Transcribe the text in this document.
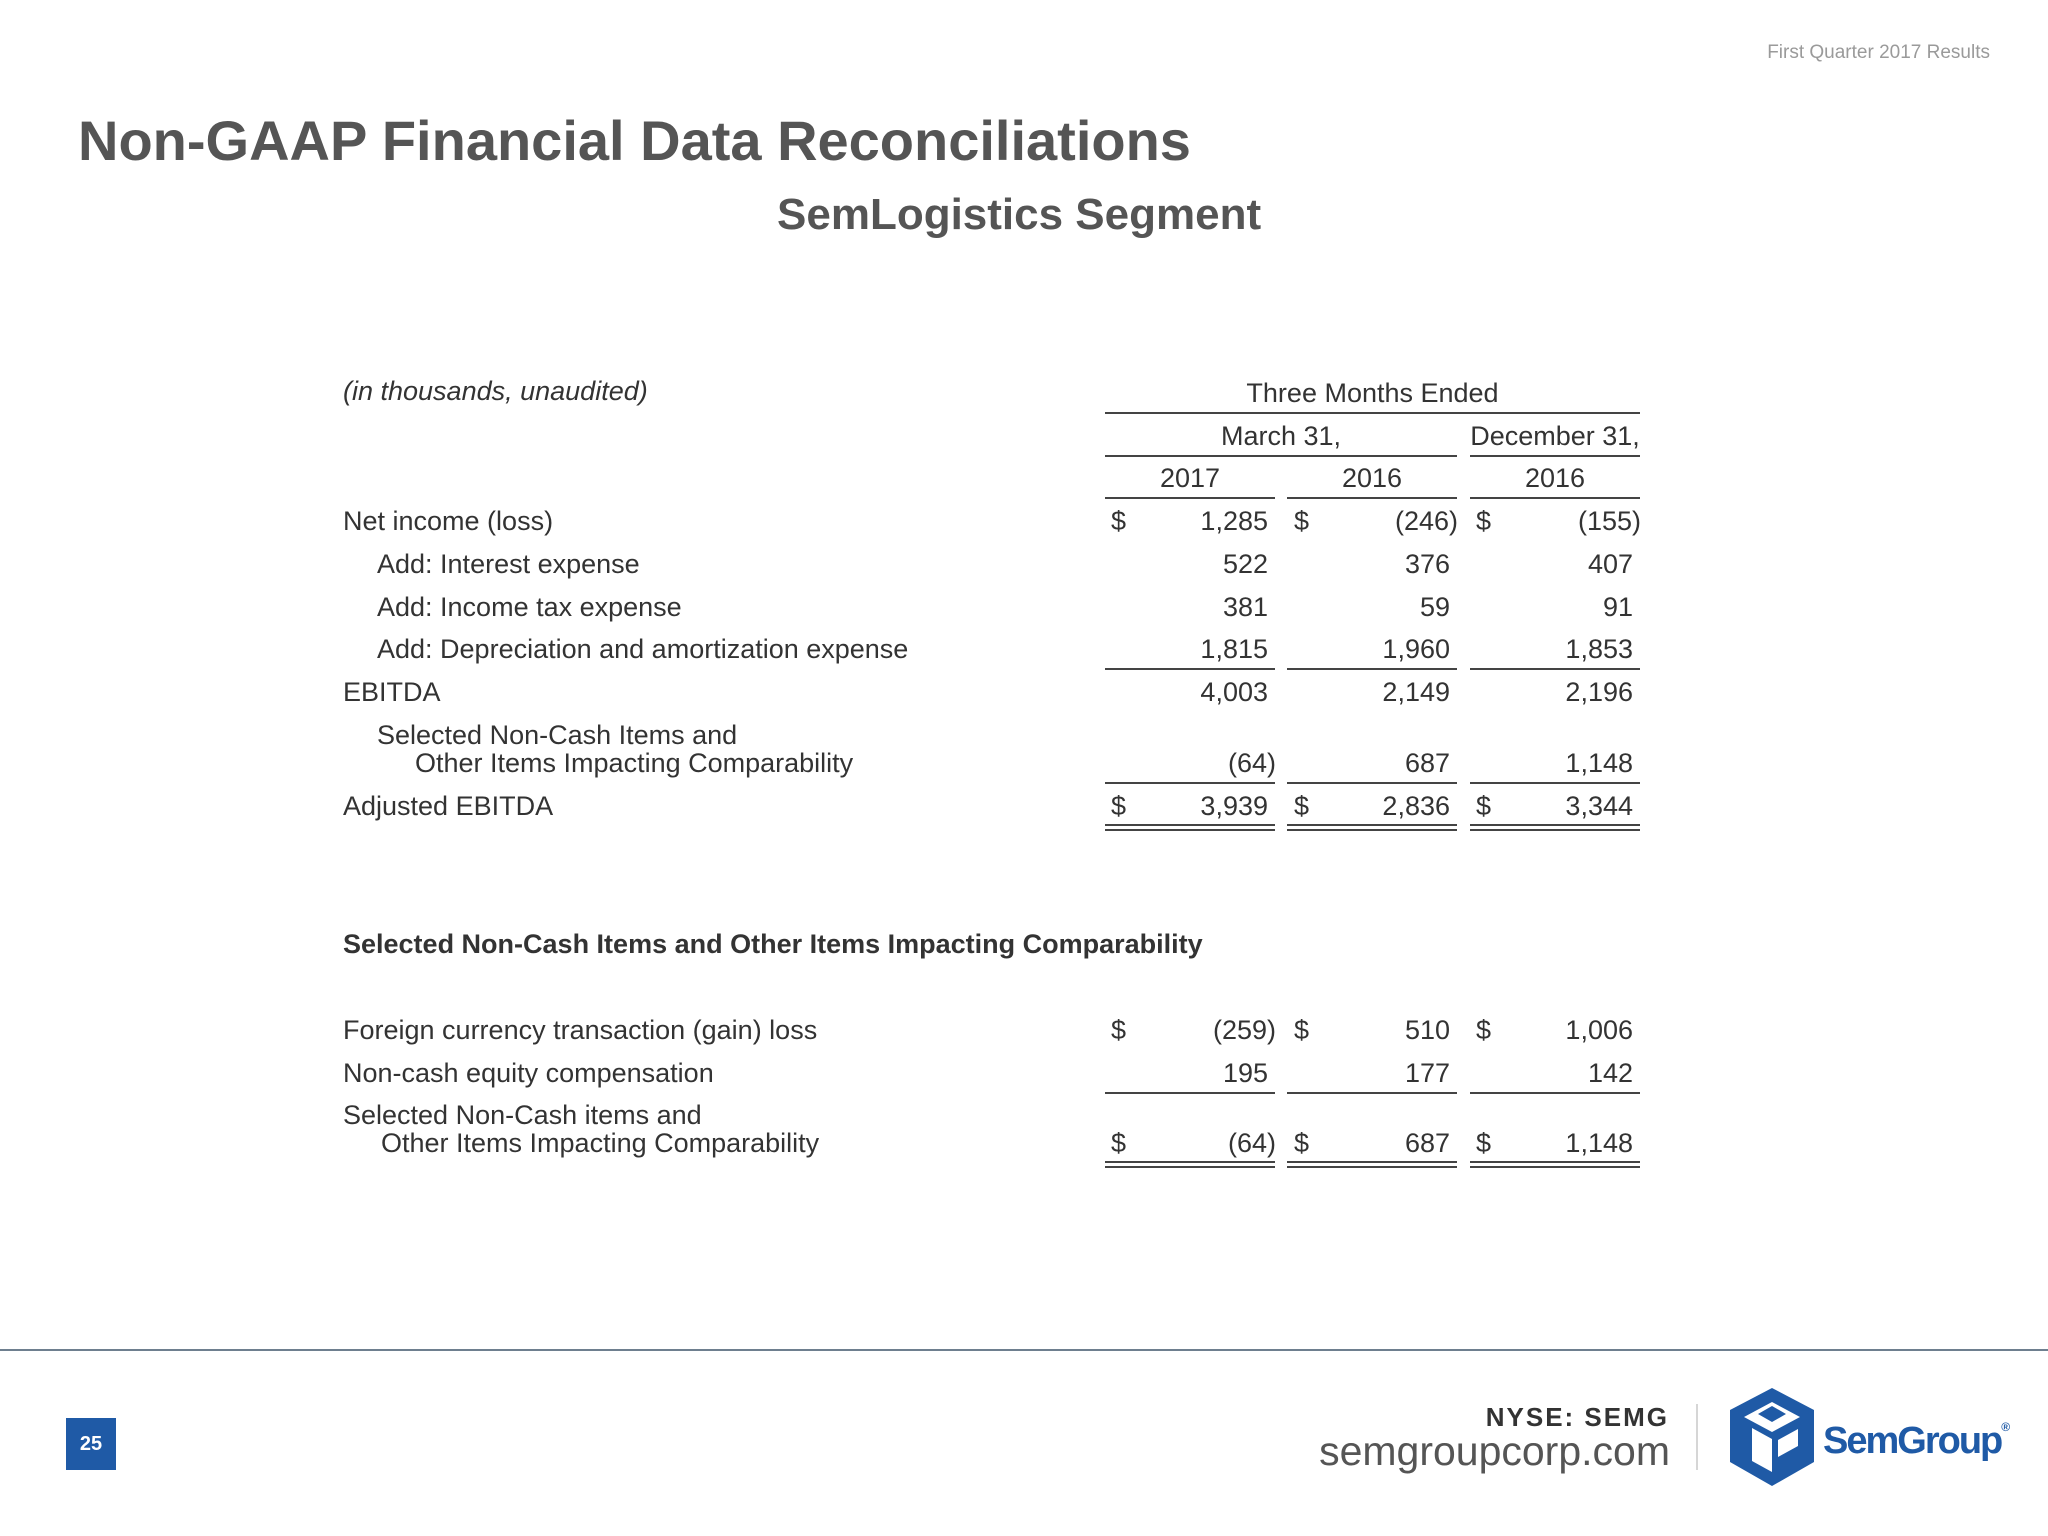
First Quarter 2017 Results
Non-GAAP Financial Data Reconciliations
SemLogistics Segment
(in thousands, unaudited)	Three Months Ended
March 31,	December 31,
2017	2016	2016
Net income (loss)	$	1,285 $	(246) $	(155)
Add: Interest expense	522	376	407
Add: Income tax expense	381	59	91
Add: Depreciation and amortization expense	1,815	1,960	1,853
EBITDA	4,003	2,149	2,196
Selected Non-Cash Items and
Other Items Impacting Comparability	(64)	687	1,148
Adjusted EBITDA	$	3,939 $	2,836 $	3,344
Selected Non-Cash Items and Other Items Impacting Comparability
Foreign currency transaction (gain) loss	$	(259) $	510 $	1,006
Non-cash equity compensation	195	177	142
Selected Non-Cash items and
Other Items Impacting Comparability	$	(64) $	687 $	1,148
25
NYSE: SEMG
semgroupcorp.com	SemGroup®
